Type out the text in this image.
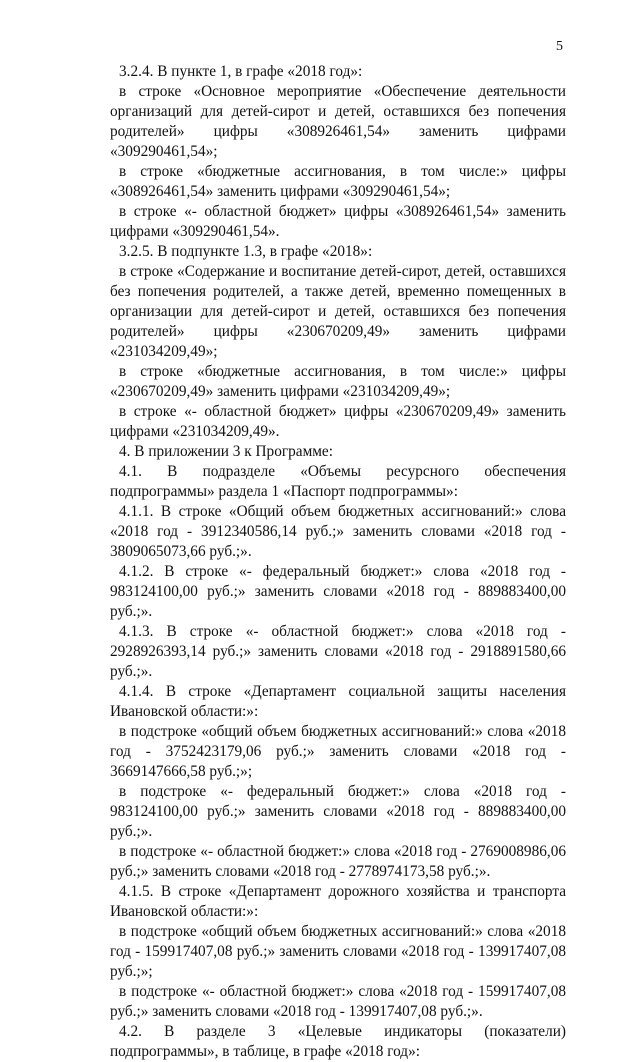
5

3.2.4. В пункте 1, в графе «2018 год»:

в строке «Основное мероприятие «Обеспечение деятельности организаций для детей-сирот и детей, оставшихся без попечения родителей» цифры «308926461,54» заменить цифрами «309290461,54»;

в строке «бюджетные ассигнования, в том числе:» цифры «308926461,54» заменить цифрами «309290461,54»;

в строке «- областной бюджет» цифры «308926461,54» заменить цифрами «309290461,54».

3.2.5. В подпункте 1.3, в графе «2018»:

в строке «Содержание и воспитание детей-сирот, детей, оставшихся без попечения родителей, а также детей, временно помещенных в организации для детей-сирот и детей, оставшихся без попечения родителей» цифры «230670209,49» заменить цифрами «231034209,49»;

в строке «бюджетные ассигнования, в том числе:» цифры «230670209,49» заменить цифрами «231034209,49»;

в строке «- областной бюджет» цифры «230670209,49» заменить цифрами «231034209,49».

4. В приложении 3 к Программе:

4.1. В подразделе «Объемы ресурсного обеспечения подпрограммы» раздела 1 «Паспорт подпрограммы»:

4.1.1. В строке «Общий объем бюджетных ассигнований:» слова «2018 год - 3912340586,14 руб.;» заменить словами «2018 год - 3809065073,66 руб.;».

4.1.2. В строке «- федеральный бюджет:» слова «2018 год - 983124100,00 руб.;» заменить словами «2018 год - 889883400,00 руб.;».

4.1.3. В строке «- областной бюджет:» слова «2018 год - 2928926393,14 руб.;» заменить словами «2018 год - 2918891580,66 руб.;».

4.1.4. В строке «Департамент социальной защиты населения Ивановской области:»:

в подстроке «общий объем бюджетных ассигнований:» слова «2018 год - 3752423179,06 руб.;» заменить словами «2018 год - 3669147666,58 руб.;»;

в подстроке «- федеральный бюджет:» слова «2018 год - 983124100,00 руб.;» заменить словами «2018 год - 889883400,00 руб.;».

в подстроке «- областной бюджет:» слова «2018 год - 2769008986,06 руб.;» заменить словами «2018 год - 2778974173,58 руб.;».

4.1.5. В строке «Департамент дорожного хозяйства и транспорта Ивановской области:»:

в подстроке «общий объем бюджетных ассигнований:» слова «2018 год - 159917407,08 руб.;» заменить словами «2018 год - 139917407,08 руб.;»;

в подстроке «- областной бюджет:» слова «2018 год - 159917407,08 руб.;» заменить словами «2018 год - 139917407,08 руб.;».

4.2. В разделе 3 «Целевые индикаторы (показатели) подпрограммы», в таблице, в графе «2018 год»:
